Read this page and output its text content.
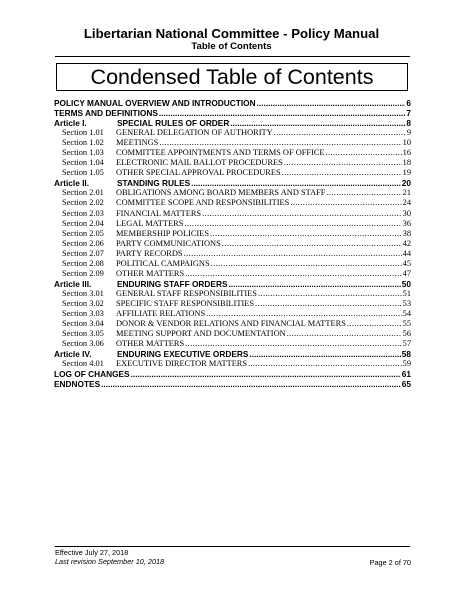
Libertarian National Committee - Policy Manual
Table of Contents
Condensed Table of Contents
POLICY MANUAL OVERVIEW AND INTRODUCTION .....	6
TERMS AND DEFINITIONS .....	7
Article I.	SPECIAL RULES OF ORDER .....	8
Section 1.01	GENERAL DELEGATION OF AUTHORITY .....	9
Section 1.02	MEETINGS .....	10
Section 1.03	COMMITTEE APPOINTMENTS AND TERMS OF OFFICE .....	16
Section 1.04	ELECTRONIC MAIL BALLOT PROCEDURES .....	18
Section 1.05	OTHER SPECIAL APPROVAL PROCEDURES .....	19
Article II.	STANDING RULES .....	20
Section 2.01	OBLIGATIONS AMONG BOARD MEMBERS AND STAFF .....	21
Section 2.02	COMMITTEE SCOPE AND RESPONSIBILITIES .....	24
Section 2.03	FINANCIAL MATTERS .....	30
Section 2.04	LEGAL MATTERS .....	36
Section 2.05	MEMBERSHIP POLICIES .....	38
Section 2.06	PARTY COMMUNICATIONS .....	42
Section 2.07	PARTY RECORDS .....	44
Section 2.08	POLITICAL CAMPAIGNS .....	45
Section 2.09	OTHER MATTERS .....	47
Article III.	ENDURING STAFF ORDERS .....	50
Section 3.01	GENERAL STAFF RESPONSIBILITIES .....	51
Section 3.02	SPECIFIC STAFF RESPONSIBILITIES .....	53
Section 3.03	AFFILIATE RELATIONS .....	54
Section 3.04	DONOR & VENDOR RELATIONS AND FINANCIAL MATTERS .....	55
Section 3.05	MEETING SUPPORT AND DOCUMENTATION .....	56
Section 3.06	OTHER MATTERS .....	57
Article IV.	ENDURING EXECUTIVE ORDERS .....	58
Section 4.01	EXECUTIVE DIRECTOR MATTERS .....	59
LOG OF CHANGES .....	61
ENDNOTES .....	65
Effective July 27, 2018
Last revision September 10, 2018	Page 2 of 70
